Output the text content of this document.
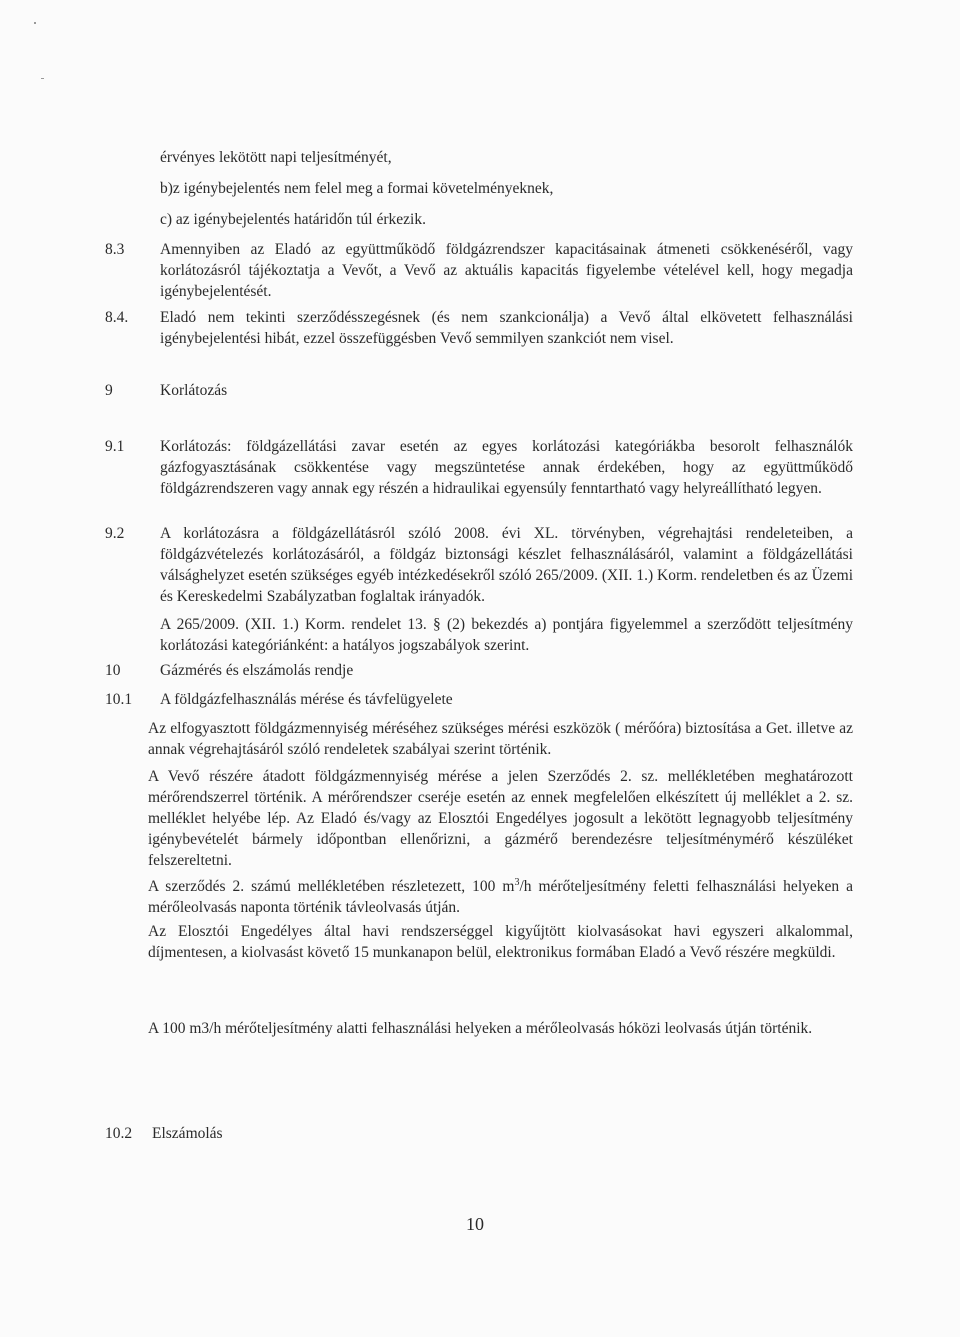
érvényes lekötött napi teljesítményét,
b)z igénybejelentés nem felel meg a formai követelményeknek,
c) az igénybejelentés határidőn túl érkezik.
8.3 Amennyiben az Eladó az együttműködő földgázrendszer kapacitásainak átmeneti csökkenéséről, vagy korlátozásról tájékoztatja a Vevőt, a Vevő az aktuális kapacitás figyelembe vételével kell, hogy megadja igénybejelentését.
8.4. Eladó nem tekinti szerződésszegésnek (és nem szankcionálja) a Vevő által elkövetett felhasználási igénybejelentési hibát, ezzel összefüggésben Vevő semmilyen szankciót nem visel.
9	Korlátozás
9.1 Korlátozás: földgázellátási zavar esetén az egyes korlátozási kategóriákba besorolt felhasználók gázfogyasztásának csökkentése vagy megszüntetése annak érdekében, hogy az együttműködő földgázrendszeren vagy annak egy részén a hidraulikai egyensúly fenntartható vagy helyreállítható legyen.
9.2 A korlátozásra a földgázellátásról szóló 2008. évi XL. törvényben, végrehajtási rendeleteiben, a földgázvételezés korlátozásáról, a földgáz biztonsági készlet felhasználásáról, valamint a földgázellátási válsághelyzet esetén szükséges egyéb intézkedésekről szóló 265/2009. (XII. 1.) Korm. rendeletben és az Üzemi és Kereskedelmi Szabályzatban foglaltak irányadók.
A 265/2009. (XII. 1.) Korm. rendelet 13. § (2) bekezdés a) pontjára figyelemmel a szerződött teljesítmény korlátozási kategóriánként: a hatályos jogszabályok szerint.
10	Gázmérés és elszámolás rendje
10.1 A földgázfelhasználás mérése és távfelügyelete
Az elfogyasztott földgázmennyiség méréséhez szükséges mérési eszközök ( mérőóra) biztosítása a Get. illetve az annak végrehajtásáról szóló rendeletek szabályai szerint történik.
A Vevő részére átadott földgázmennyiség mérése a jelen Szerződés 2. sz. mellékletében meghatározott mérőrendszerrel történik. A mérőrendszer cseréje esetén az ennek megfelelően elkészített új melléklet a 2. sz. melléklet helyébe lép. Az Eladó és/vagy az Elosztói Engedélyes jogosult a lekötött legnagyobb teljesítmény igénybevételét bármely időpontban ellenőrizni, a gázmérő berendezésre teljesítménymérő készüléket felszereltetni.
A szerződés 2. számú mellékletében részletezett, 100 $m^3/h$ mérőteljesítmény feletti felhasználási helyeken a mérőleolvasás naponta történik távleolvasás útján.
Az Elosztói Engedélyes által havi rendszerséggel kigyűjtött kiolvasásokat havi egyszeri alkalommal, díjmentesen, a kiolvasást követő 15 munkanapon belül, elektronikus formában Eladó a Vevő részére megküldi.
A 100 m3/h mérőteljesítmény alatti felhasználási helyeken a mérőleolvasás hóközi leolvasás útján történik.
10.2 Elszámolás
10
